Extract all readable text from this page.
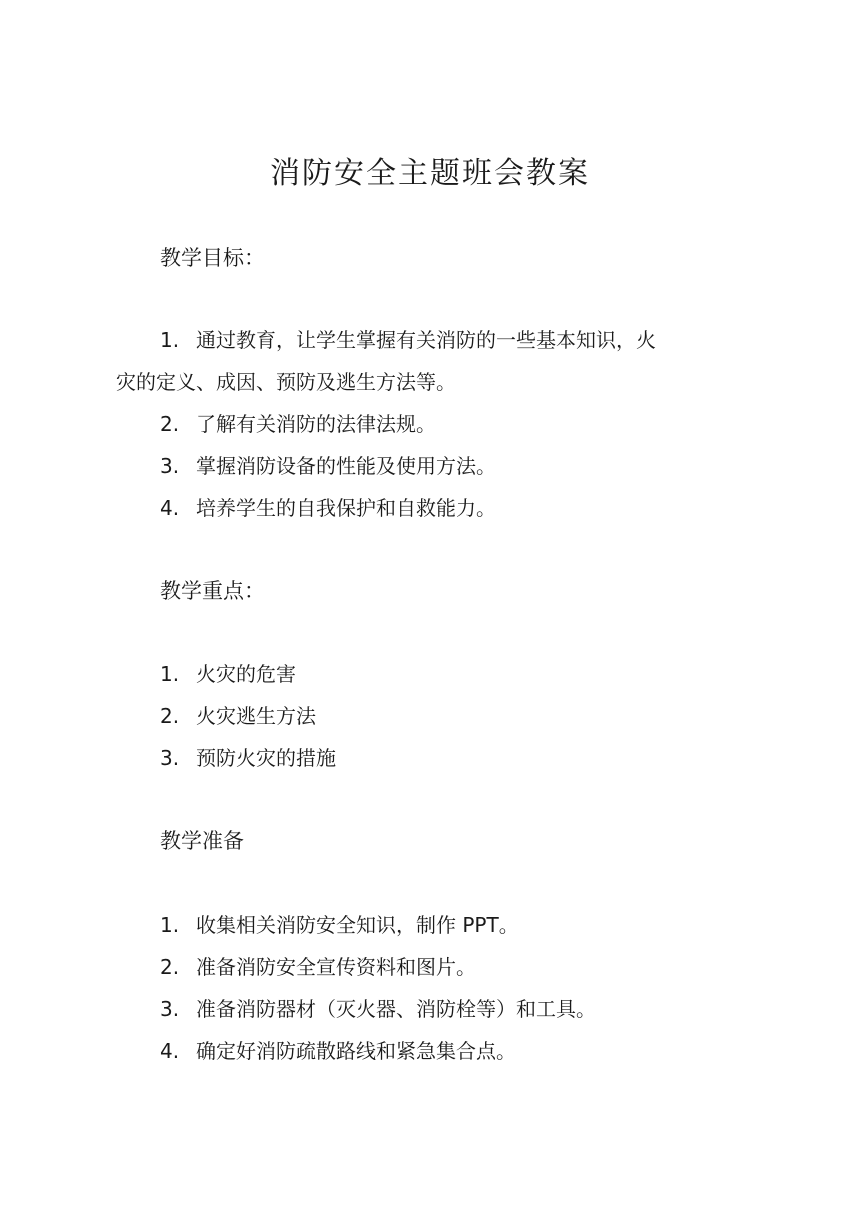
消防安全主题班会教案
教学目标：
1. 通过教育，让学生掌握有关消防的一些基本知识，火
灾的定义、成因、预防及逃生方法等。
2. 了解有关消防的法律法规。
3. 掌握消防设备的性能及使用方法。
4. 培养学生的自我保护和自救能力。
教学重点：
1. 火灾的危害
2. 火灾逃生方法
3. 预防火灾的措施
教学准备
1. 收集相关消防安全知识，制作 PPT。
2. 准备消防安全宣传资料和图片。
3. 准备消防器材（灭火器、消防栓等）和工具。
4. 确定好消防疏散路线和紧急集合点。
